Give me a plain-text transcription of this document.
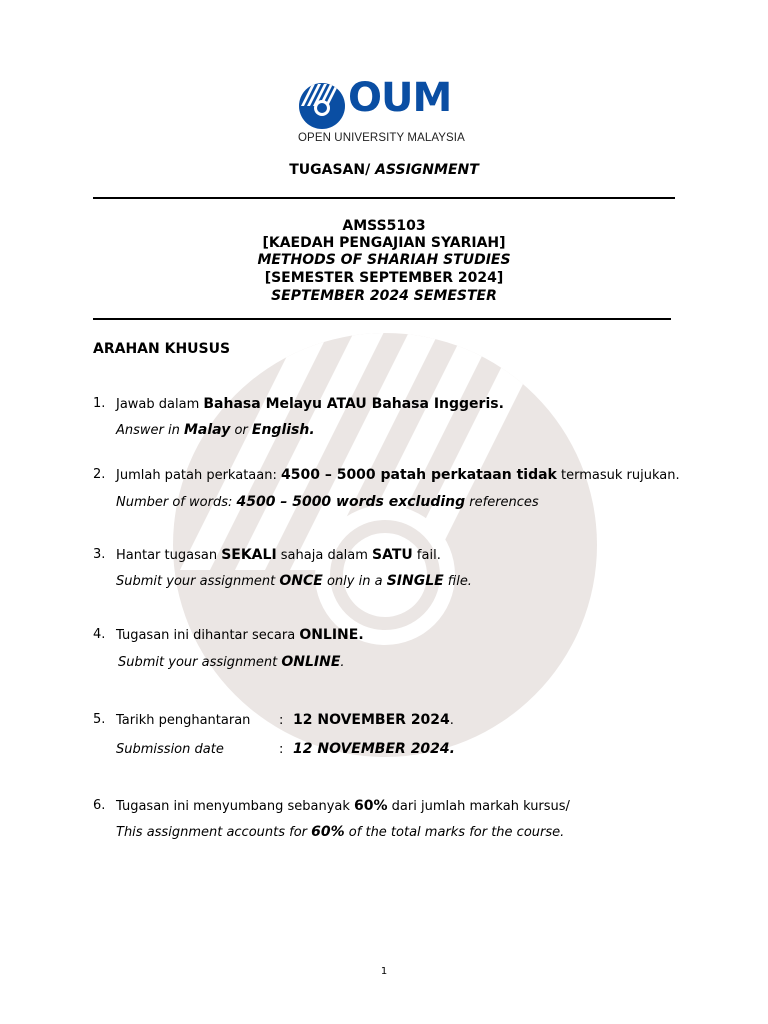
OUM
OPEN UNIVERSITY MALAYSIA
TUGASAN/ ASSIGNMENT
AMSS5103
[KAEDAH PENGAJIAN SYARIAH]
METHODS OF SHARIAH STUDIES
[SEMESTER SEPTEMBER 2024]
SEPTEMBER 2024 SEMESTER
ARAHAN KHUSUS
1. Jawab dalam Bahasa Melayu ATAU Bahasa Inggeris.
Answer in Malay or English.
2. Jumlah patah perkataan: 4500 – 5000 patah perkataan tidak termasuk rujukan.
Number of words: 4500 – 5000 words excluding references
3. Hantar tugasan SEKALI sahaja dalam SATU fail.
Submit your assignment ONCE only in a SINGLE file.
4. Tugasan ini dihantar secara ONLINE.
Submit your assignment ONLINE.
5. Tarikh penghantaran : 12 NOVEMBER 2024.
Submission date	: 12 NOVEMBER 2024.
6. Tugasan ini menyumbang sebanyak 60% dari jumlah markah kursus/
This assignment accounts for 60% of the total marks for the course.
1
